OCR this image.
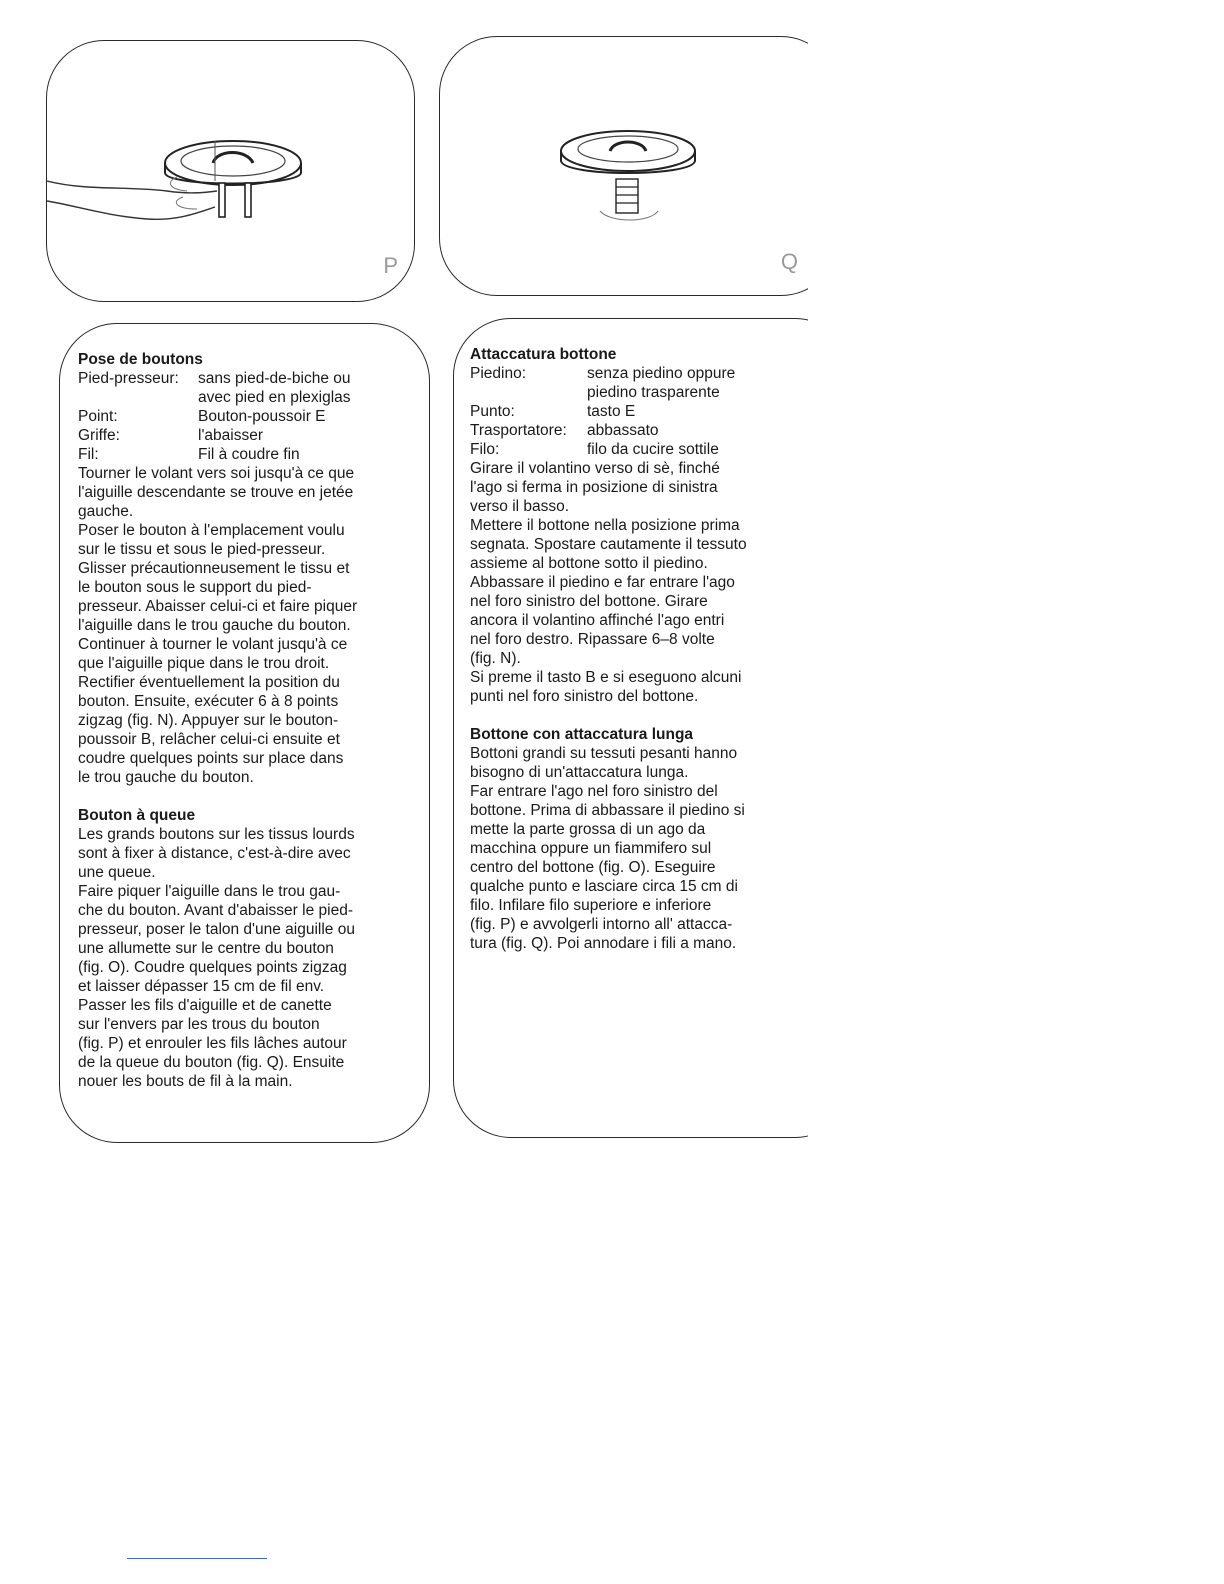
P	Q
Pose de boutons
Pied-presseur:	sans pied-de-biche ou
avec pied en plexiglas
Point:	Bouton-poussoir E
Griffe:	l'abaisser
Fil:	Fil à coudre fin
Tourner le volant vers soi jusqu'à ce que
l'aiguille descendante se trouve en jetée
gauche.
Poser le bouton à l'emplacement voulu
sur le tissu et sous le pied-presseur.
Glisser précautionneusement le tissu et
le bouton sous le support du pied-
presseur. Abaisser celui-ci et faire piquer
l'aiguille dans le trou gauche du bouton.
Continuer à tourner le volant jusqu'à ce
que l'aiguille pique dans le trou droit.
Rectifier éventuellement la position du
bouton. Ensuite, exécuter 6 à 8 points
zigzag (fig. N). Appuyer sur le bouton-
poussoir B, relâcher celui-ci ensuite et
coudre quelques points sur place dans
le trou gauche du bouton.
Bouton à queue
Les grands boutons sur les tissus lourds
sont à fixer à distance, c'est-à-dire avec
une queue.
Faire piquer l'aiguille dans le trou gau-
che du bouton. Avant d'abaisser le pied-
presseur, poser le talon d'une aiguille ou
une allumette sur le centre du bouton
(fig. O). Coudre quelques points zigzag
et laisser dépasser 15 cm de fil env.
Passer les fils d'aiguille et de canette
sur l'envers par les trous du bouton
(fig. P) et enrouler les fils lâches autour
de la queue du bouton (fig. Q). Ensuite
nouer les bouts de fil à la main.
Attaccatura bottone
Piedino:	senza piedino oppure
piedino trasparente
Punto:	tasto E
Trasportatore:	abbassato
Filo:	filo da cucire sottile
Girare il volantino verso di sè, finché
l'ago si ferma in posizione di sinistra
verso il basso.
Mettere il bottone nella posizione prima
segnata. Spostare cautamente il tessuto
assieme al bottone sotto il piedino.
Abbassare il piedino e far entrare l'ago
nel foro sinistro del bottone. Girare
ancora il volantino affinché l'ago entri
nel foro destro. Ripassare 6–8 volte
(fig. N).
Si preme il tasto B e si eseguono alcuni
punti nel foro sinistro del bottone.
Bottone con attaccatura lunga
Bottoni grandi su tessuti pesanti hanno
bisogno di un'attaccatura lunga.
Far entrare l'ago nel foro sinistro del
bottone. Prima di abbassare il piedino si
mette la parte grossa di un ago da
macchina oppure un fiammifero sul
centro del bottone (fig. O). Eseguire
qualche punto e lasciare circa 15 cm di
filo. Infilare filo superiore e inferiore
(fig. P) e avvolgerli intorno all' attacca-
tura (fig. Q). Poi annodare i fili a mano.
